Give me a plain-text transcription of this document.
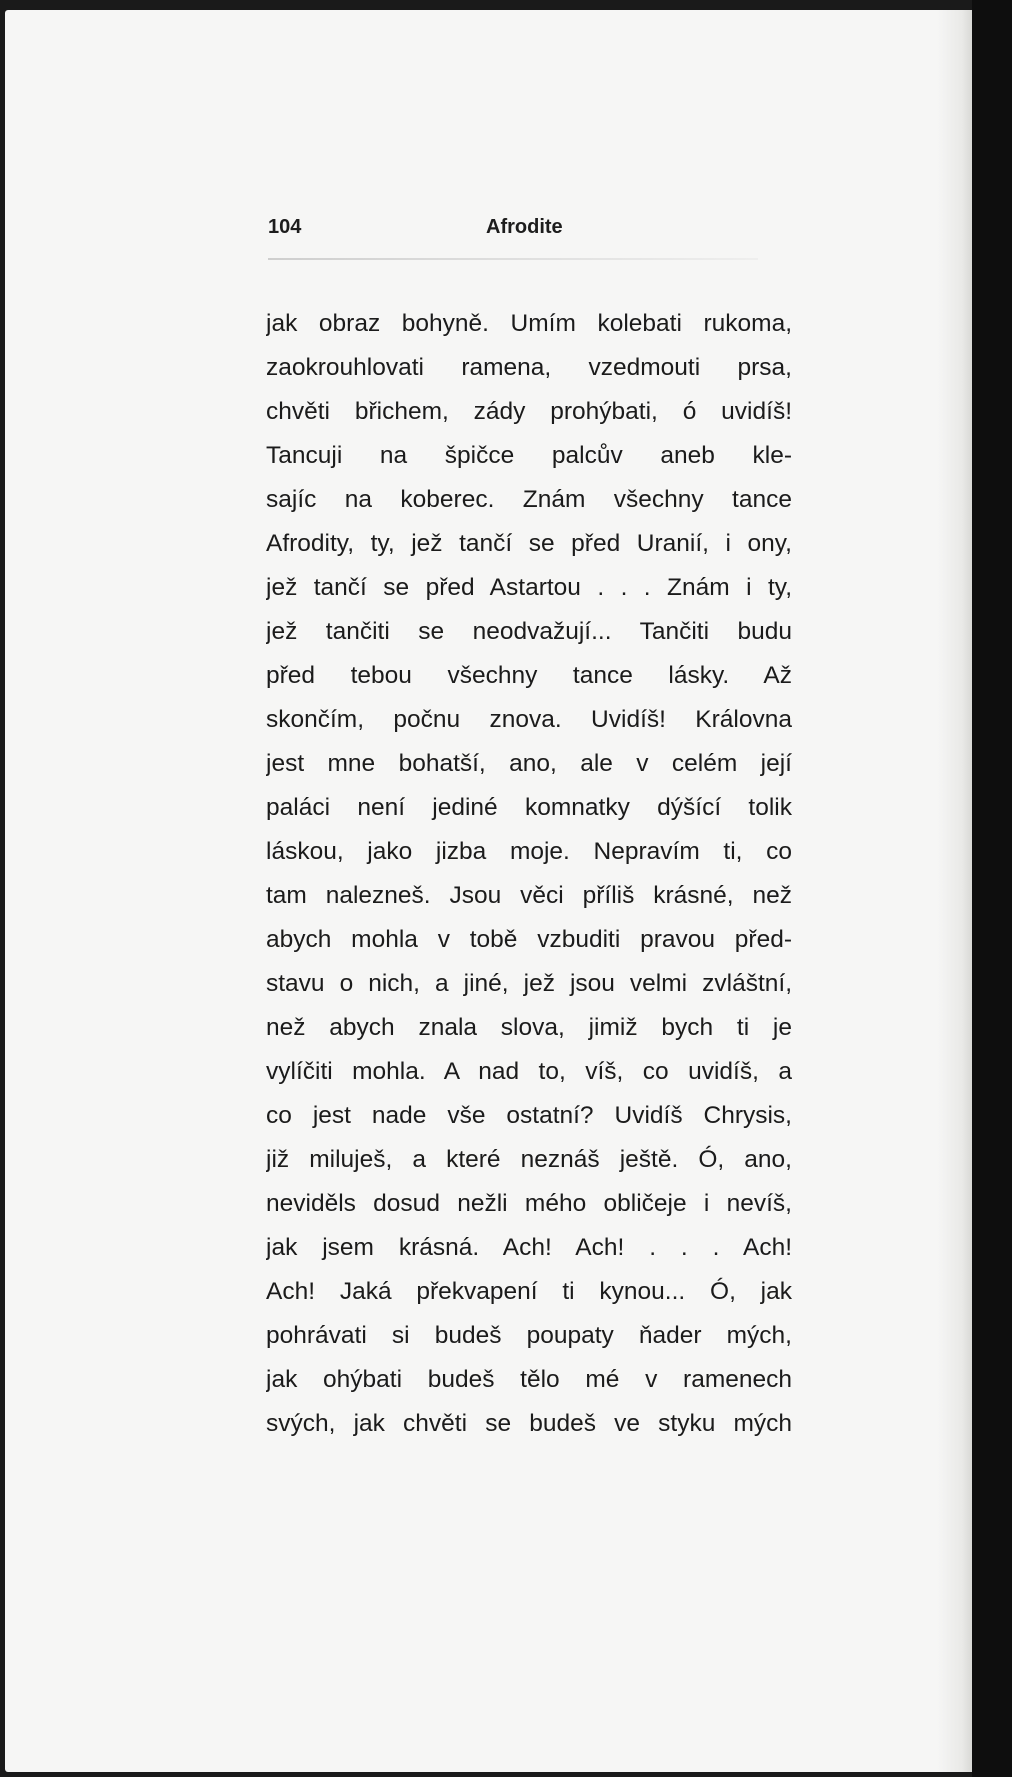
104	Afrodite
jak obraz bohyně. Umím kolebati rukoma,
zaokrouhlovati ramena, vzedmouti prsa,
chvěti břichem, zády prohýbati, ó uvidíš!
Tancuji na špičce palcův aneb kle-
sajíc na koberec. Znám všechny tance
Afrodity, ty, jež tančí se před Uranií, i ony,
jež tančí se před Astartou . . . Znám i ty,
jež tančiti se neodvažují... Tančiti budu
před tebou všechny tance lásky. Až
skončím, počnu znova. Uvidíš! Královna
jest mne bohatší, ano, ale v celém její
paláci není jediné komnatky dýšící tolik
láskou, jako jizba moje. Nepravím ti, co
tam nalezneš. Jsou věci příliš krásné, než
abych mohla v tobě vzbuditi pravou před-
stavu o nich, a jiné, jež jsou velmi zvláštní,
než abych znala slova, jimiž bych ti je
vylíčiti mohla. A nad to, víš, co uvidíš, a
co jest nade vše ostatní? Uvidíš Chrysis,
již miluješ, a které neznáš ještě. Ó, ano,
neviděls dosud nežli mého obličeje i nevíš,
jak jsem krásná. Ach! Ach! . . . Ach!
Ach! Jaká překvapení ti kynou... Ó, jak
pohrávati si budeš poupaty ňader mých,
jak ohýbati budeš tělo mé v ramenech
svých, jak chvěti se budeš ve styku mých
